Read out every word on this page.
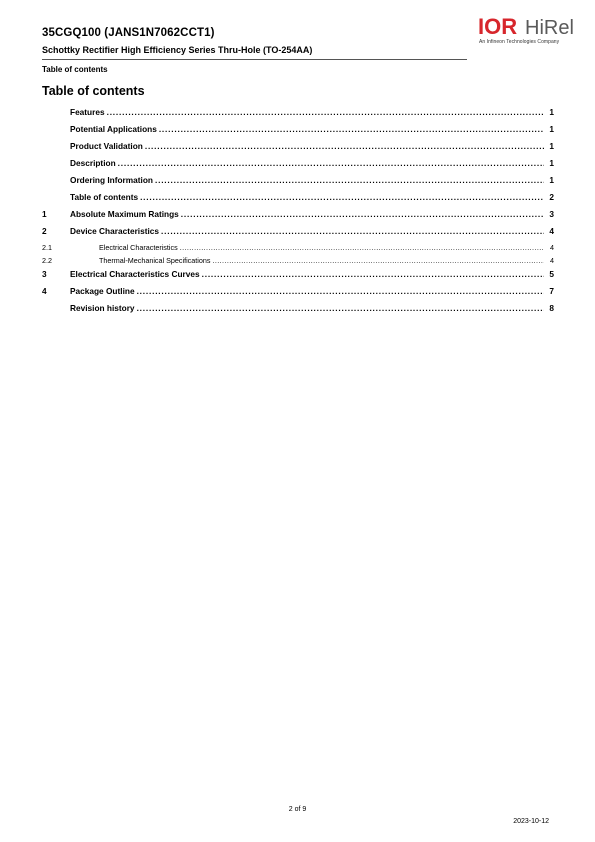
35CGQ100 (JANS1N7062CCT1)
Schottky Rectifier High Efficiency Series Thru-Hole (TO-254AA)
Table of contents
IOR HiRel
An Infineon Technologies Company
Table of contents
Features .....	1
Potential Applications .....	1
Product Validation .....	1
Description .....	1
Ordering Information .....	1
Table of contents .....	2
1	Absolute Maximum Ratings .....	3
2	Device Characteristics .....	4
2.1	Electrical Characteristics .....	4
2.2	Thermal-Mechanical Specifications .....	4
3	Electrical Characteristics Curves .....	5
4	Package Outline .....	7
Revision history .....	8
2 of 9
2023-10-12
